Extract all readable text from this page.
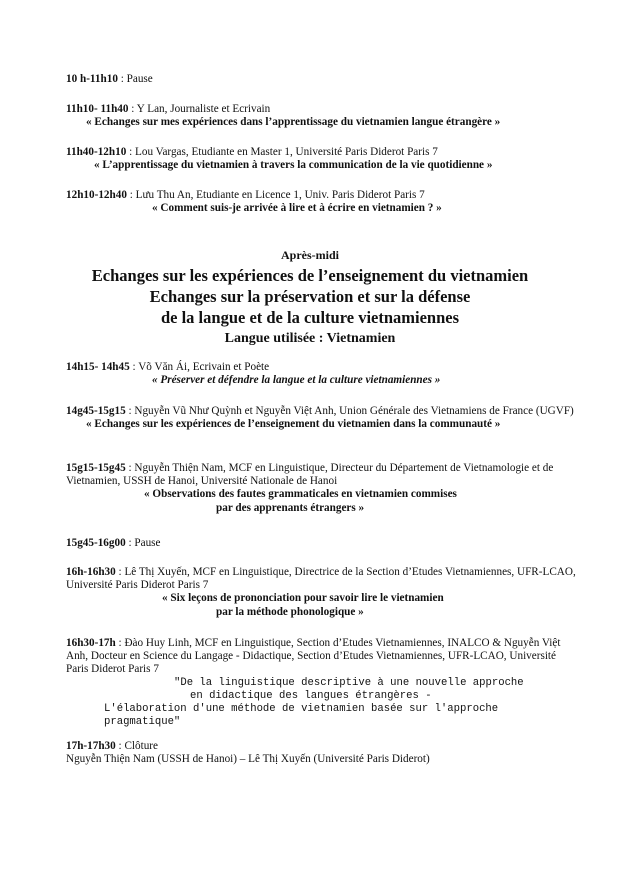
10 h-11h10 : Pause
11h10- 11h40 : Y Lan, Journaliste et Ecrivain
« Echanges sur mes expériences dans l’apprentissage du vietnamien langue étrangère »
11h40-12h10 : Lou Vargas, Etudiante en Master 1, Université Paris Diderot Paris 7
« L’apprentissage du vietnamien à travers la communication de la vie quotidienne »
12h10-12h40 : Lưu Thu An, Etudiante en Licence 1, Univ. Paris Diderot Paris 7
« Comment suis-je arrivée à lire et à écrire en vietnamien ? »
Après-midi
Echanges sur les expériences de l’enseignement du vietnamien
Echanges sur la préservation et sur la défense
de la langue et de la culture vietnamiennes
Langue utilisée : Vietnamien
14h15- 14h45 : Võ Văn Ái, Ecrivain et Poète
« Préserver et défendre la langue et la culture vietnamiennes »
14g45-15g15 : Nguyễn Vũ Như Quỳnh et Nguyễn Việt Anh, Union Générale des Vietnamiens de France (UGVF)
« Echanges sur les expériences de l’enseignement du vietnamien dans la communauté »
15g15-15g45 : Nguyễn Thiện Nam, MCF en Linguistique, Directeur du Département de Vietnamologie et de Vietnamien, USSH de Hanoi, Université Nationale de Hanoi
« Observations des fautes grammaticales en vietnamien commises
par des apprenants étrangers »
15g45-16g00 : Pause
16h-16h30 : Lê Thị Xuyến, MCF en Linguistique, Directrice de la Section d’Etudes Vietnamiennes, UFR-LCAO, Université Paris Diderot Paris 7
« Six leçons de prononciation pour savoir lire le vietnamien
par la méthode phonologique »
16h30-17h : Đào Huy Linh, MCF en Linguistique, Section d’Etudes Vietnamiennes, INALCO & Nguyễn Việt Anh, Docteur en Science du Langage - Didactique, Section d’Etudes Vietnamiennes, UFR-LCAO, Université Paris Diderot Paris 7
"De la linguistique descriptive à une nouvelle approche
en didactique des langues étrangères -
L'élaboration d'une méthode de vietnamien basée sur l'approche pragmatique"
17h-17h30 : Clôture
Nguyễn Thiện Nam (USSH de Hanoi) – Lê Thị Xuyến (Université Paris Diderot)
